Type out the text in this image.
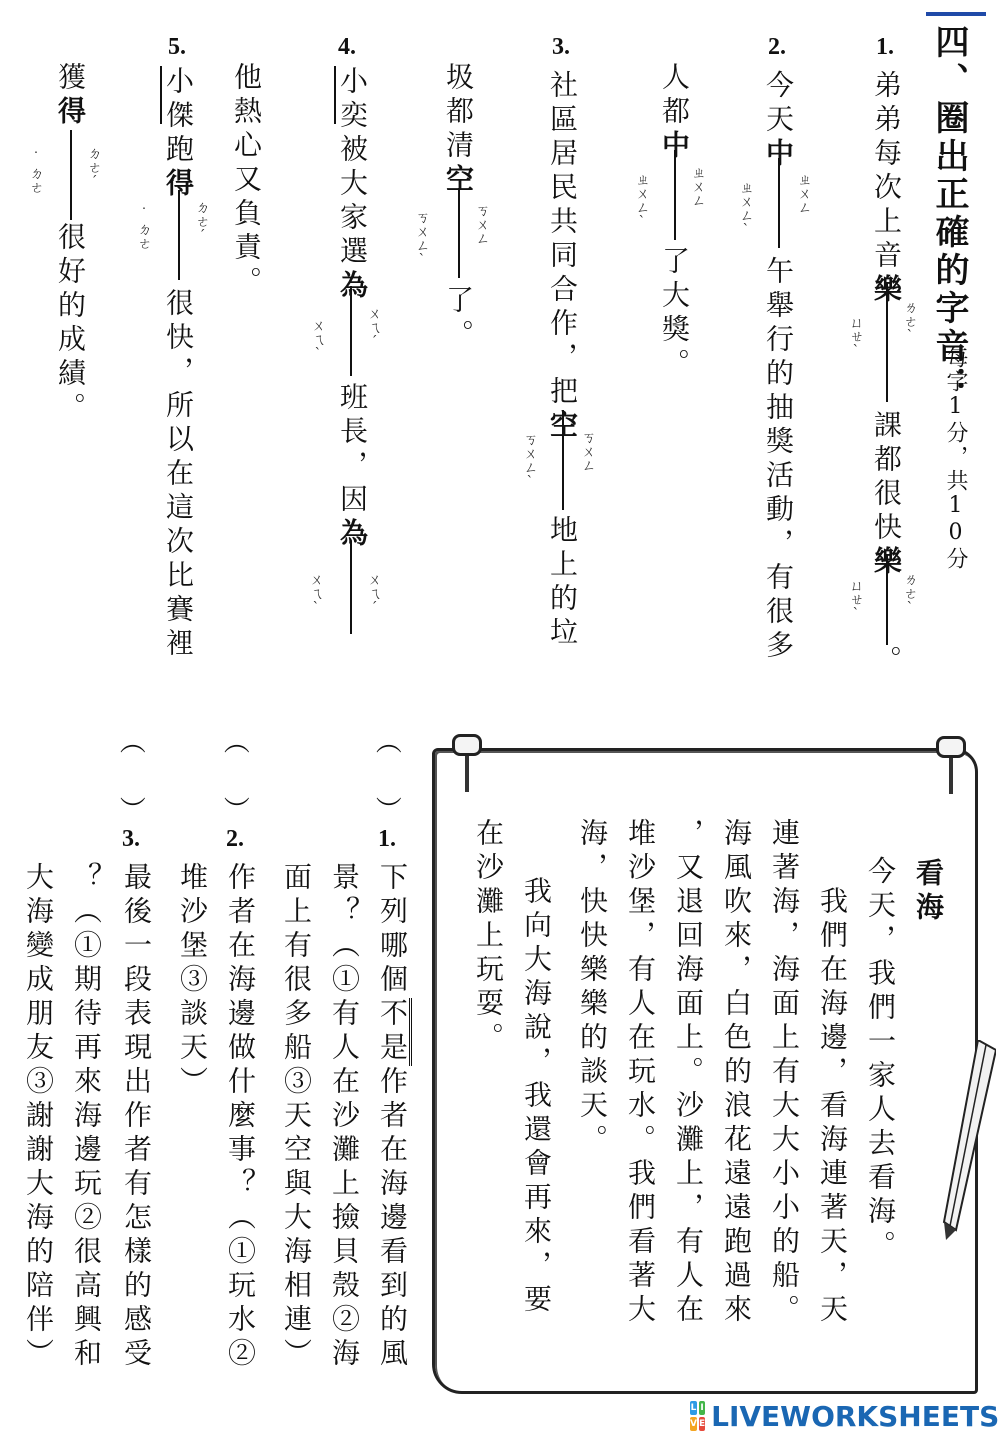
四、圈出正確的字音：
每字1分，共10分
1.
弟弟每次上音樂
ㄌㄜˋ
ㄩㄝˋ
課都很快樂
ㄌㄜˋ
ㄩㄝˋ
。
2.
今天中
ㄓㄨㄥ
ㄓㄨㄥˋ
午舉行的抽獎活動，有很多
人都中
ㄓㄨㄥ
ㄓㄨㄥˋ
了大獎。
3.
社區居民共同合作，把空
ㄎㄨㄥ
ㄎㄨㄥˋ
地上的垃
圾都清空
ㄎㄨㄥ
ㄎㄨㄥˋ
了。
4.
小奕被大家選為
ㄨㄟˊ
ㄨㄟˋ
班長，因為
ㄨㄟˊ
ㄨㄟˋ
他熱心又負責。
5.
小傑跑得
ㄉㄜˊ
˙ㄉㄜ
很快，所以在這次比賽裡
獲得
ㄉㄜˊ
˙ㄉㄜ
很好的成績。
看海
今天，我們一家人去看海。
我們在海邊，看海連著天，天
連著海，海面上有大大小小的船。
海風吹來，白色的浪花遠遠跑過來
，又退回海面上。沙灘上，有人在
堆沙堡，有人在玩水。我們看著大
海，快快樂樂的談天。
我向大海說，我還會再來，要
在沙灘上玩耍。
（
）
1.
下列哪個不是作者在海邊看到的風
景？（①有人在沙灘上撿貝殼②海
面上有很多船③天空與大海相連）
（
）
2.
作者在海邊做什麼事？（①玩水②
堆沙堡③談天）
（
）
3.
最後一段表現出作者有怎樣的感受
？（①期待再來海邊玩②很高興和
大海變成朋友③謝謝大海的陪伴）
L I
V E LIVEWORKSHEETS
